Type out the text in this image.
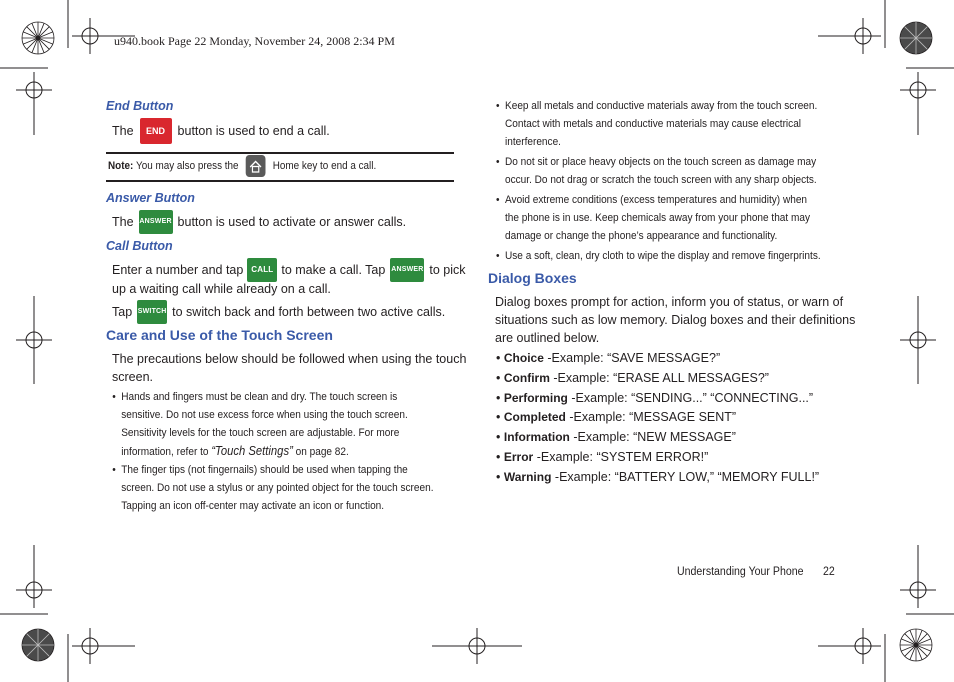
u940.book Page 22 Monday, November 24, 2008 2:34 PM
End Button
The	END	button is used to end a call.
Note: You may also press the	Home key to end a call.
Answer Button
The ANSWER button is used to activate or answer calls.
Call Button
Enter a number and tap CALL to make a call. Tap ANSWER to pick
up a waiting call while already on a call.
Tap SWITCH to switch back and forth between two active calls.
Care and Use of the Touch Screen
The precautions below should be followed when using the touch
screen.
• Hands and fingers must be clean and dry. The touch screen is
sensitive. Do not use excess force when using the touch screen.
Sensitivity levels for the touch screen are adjustable. For more
information, refer to “Touch Settings” on page 82.
• The finger tips (not fingernails) should be used when tapping the
screen. Do not use a stylus or any pointed object for the touch screen.
Tapping an icon off-center may activate an icon or function.
• Keep all metals and conductive materials away from the touch screen.
Contact with metals and conductive materials may cause electrical
interference.
• Do not sit or place heavy objects on the touch screen as damage may
occur. Do not drag or scratch the touch screen with any sharp objects.
• Avoid extreme conditions (excess temperatures and humidity) when
the phone is in use. Keep chemicals away from your phone that may
damage or change the phone’s appearance and functionality.
• Use a soft, clean, dry cloth to wipe the display and remove fingerprints.
Dialog Boxes
Dialog boxes prompt for action, inform you of status, or warn of
situations such as low memory. Dialog boxes and their definitions
are outlined below.
• Choice -Example: “SAVE MESSAGE?”
• Confirm -Example: “ERASE ALL MESSAGES?”
• Performing -Example: “SENDING...” “CONNECTING...”
• Completed -Example: “MESSAGE SENT”
• Information -Example: “NEW MESSAGE”
• Error -Example: “SYSTEM ERROR!”
• Warning -Example: “BATTERY LOW,” “MEMORY FULL!”
Understanding Your Phone 22
